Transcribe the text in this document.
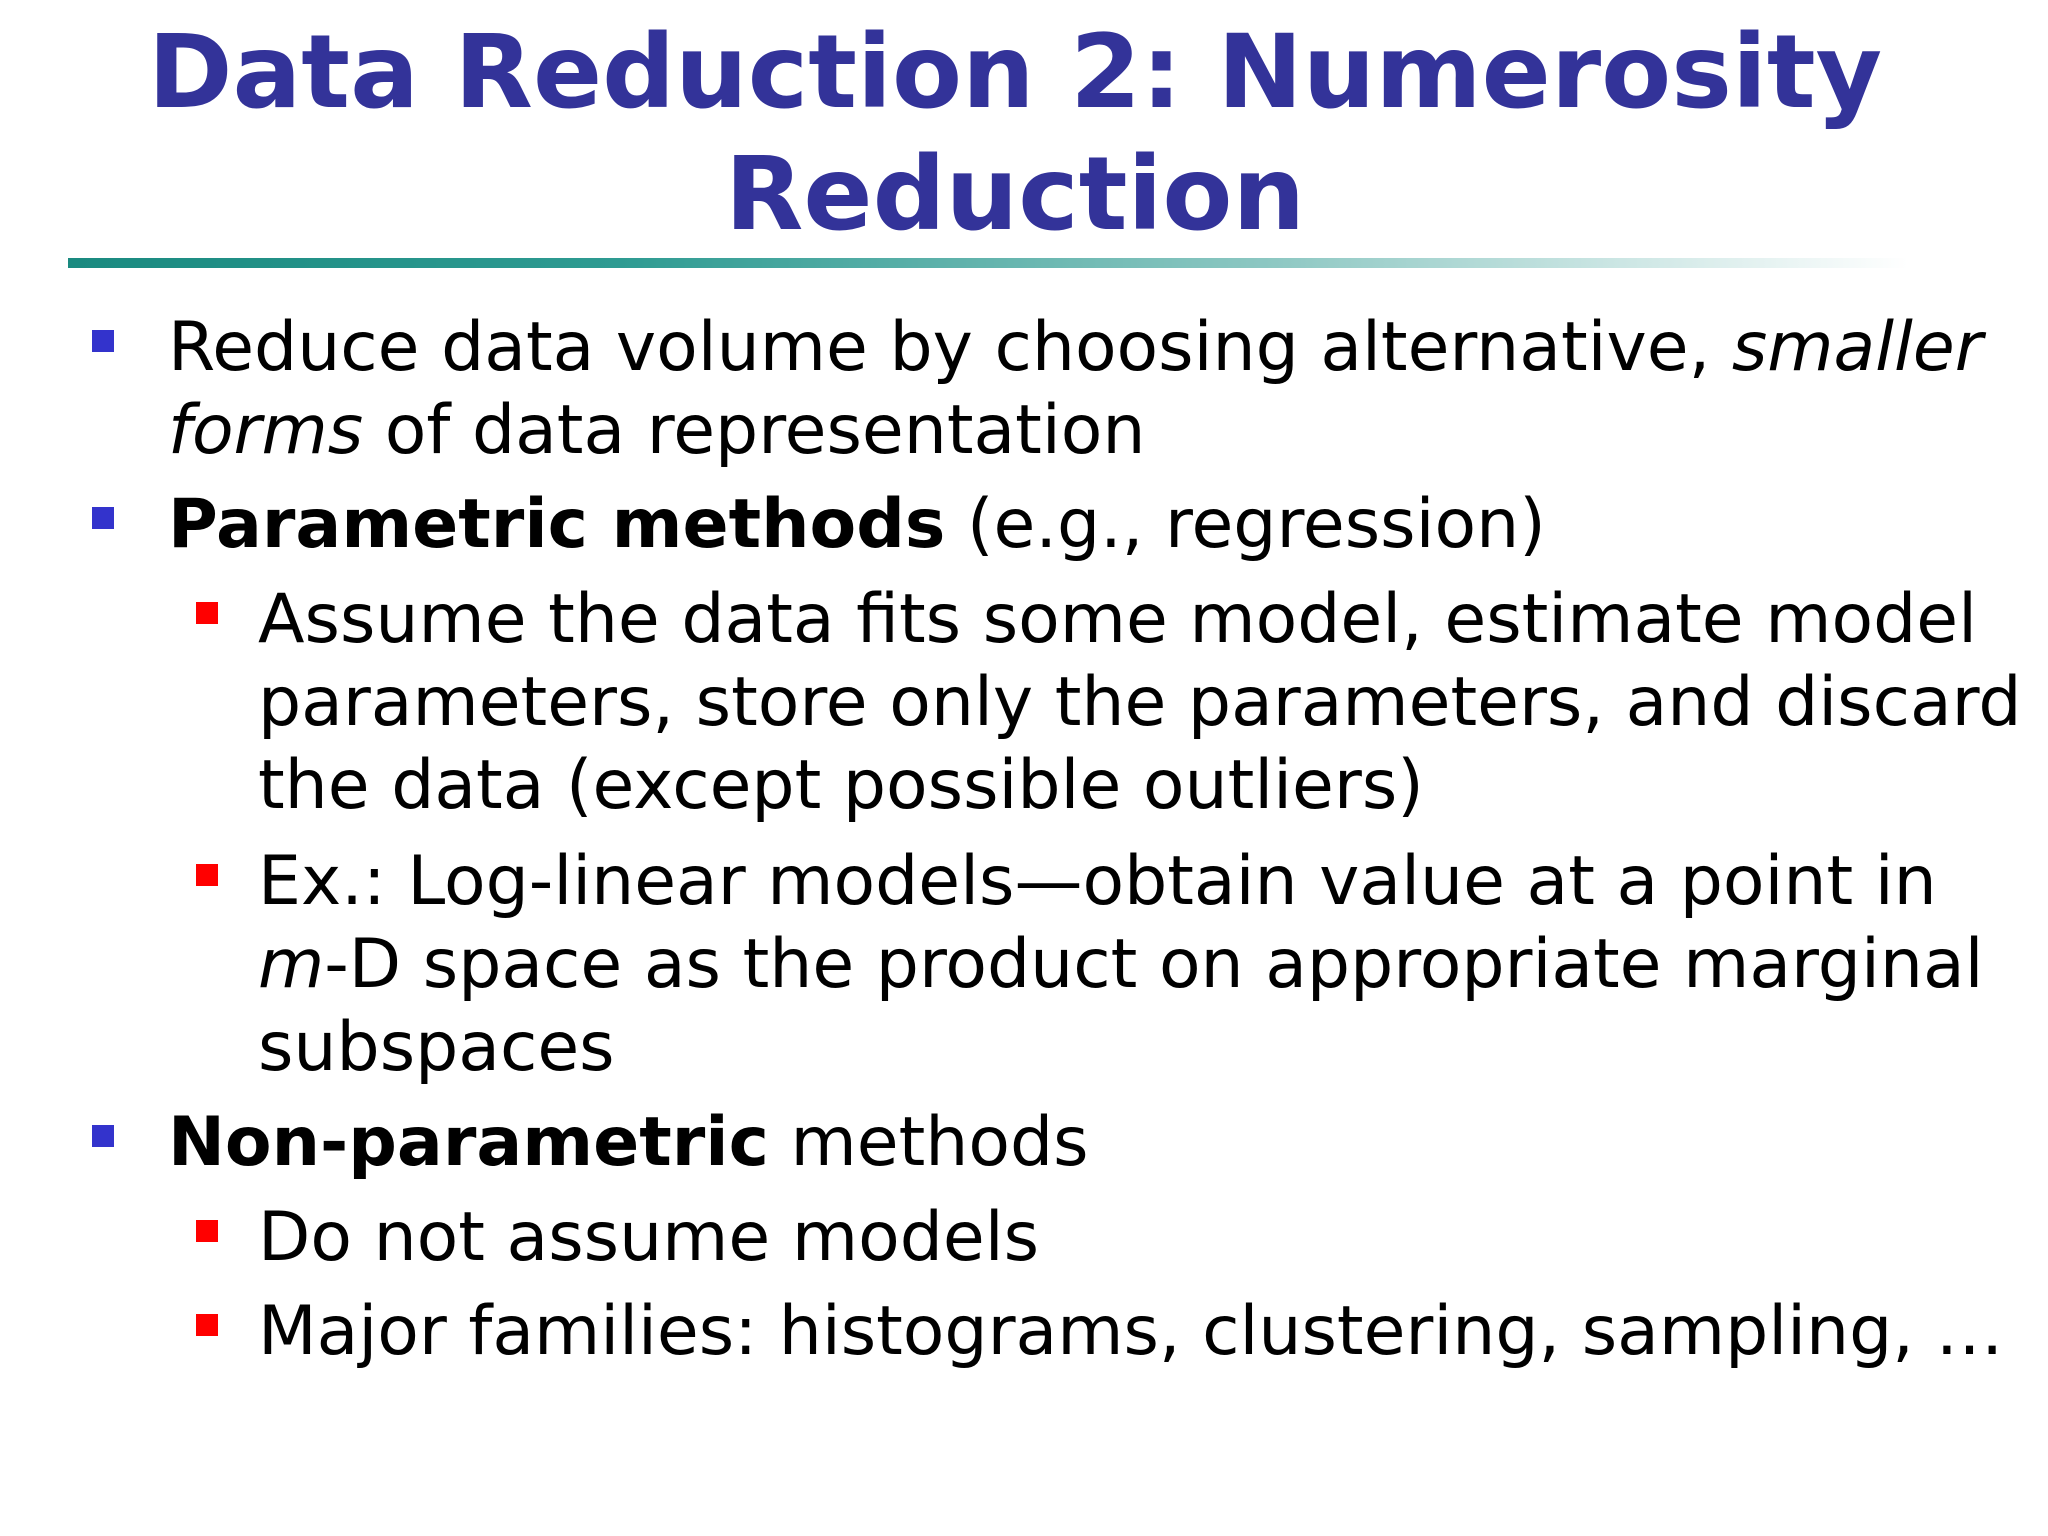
Data Reduction 2: Numerosity
Reduction
Reduce data volume by choosing alternative, smaller
forms of data representation
Parametric methods (e.g., regression)
Assume the data fits some model, estimate model
parameters, store only the parameters, and discard
the data (except possible outliers)
Ex.: Log-linear models—obtain value at a point in
m-D space as the product on appropriate marginal
subspaces
Non-parametric methods
Do not assume models
Major families: histograms, clustering, sampling, …
